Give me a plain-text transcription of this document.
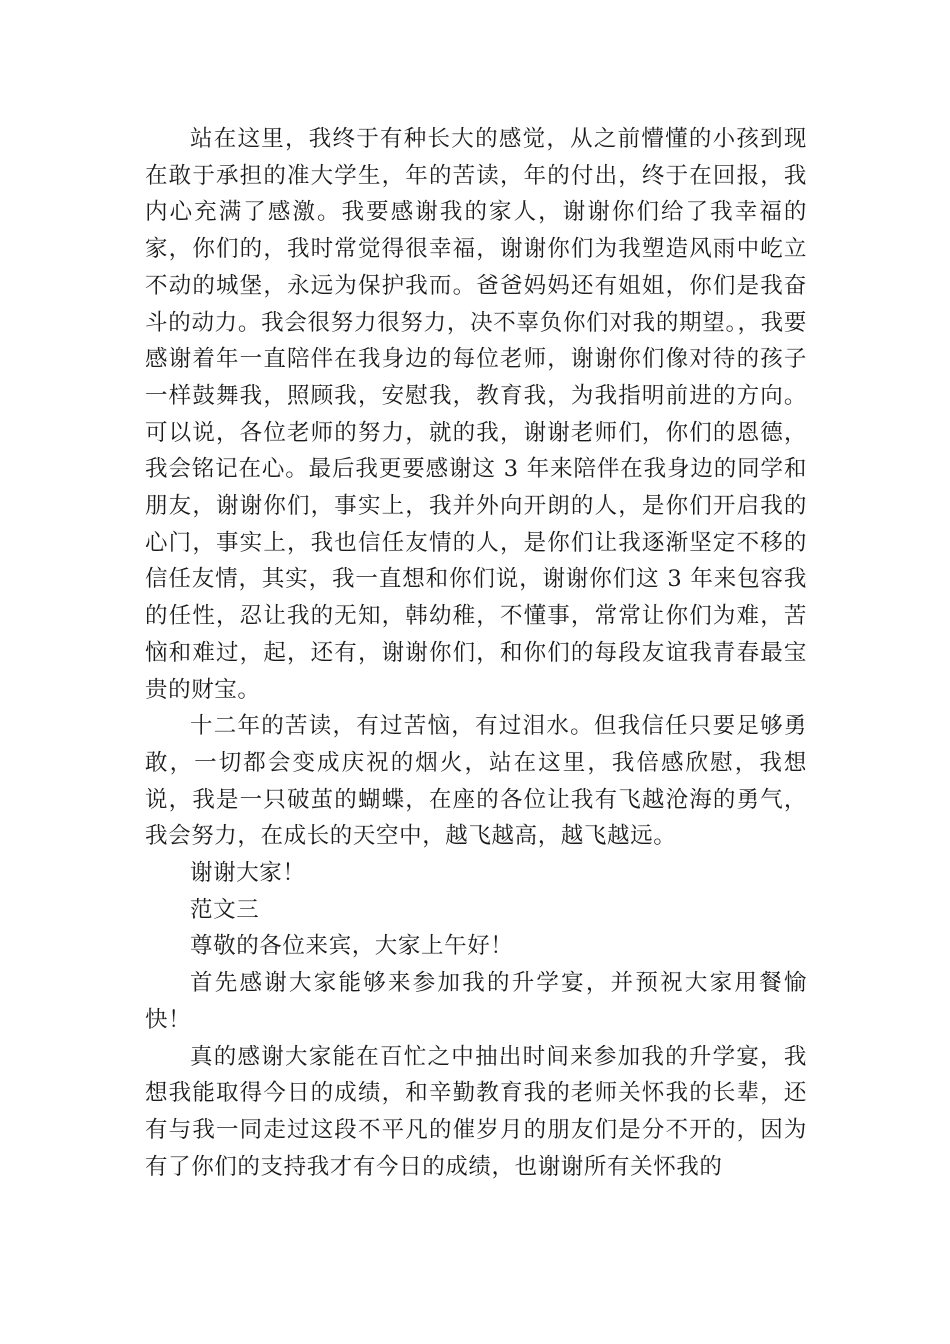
站在这里，我终于有种长大的感觉，从之前懵懂的小孩到现在敢于承担的准大学生，年的苦读，年的付出，终于在回报，我内心充满了感激。我要感谢我的家人，谢谢你们给了我幸福的家，你们的，我时常觉得很幸福，谢谢你们为我塑造风雨中屹立不动的城堡，永远为保护我而。爸爸妈妈还有姐姐，你们是我奋斗的动力。我会很努力很努力，决不辜负你们对我的期望。，我要感谢着年一直陪伴在我身边的每位老师，谢谢你们像对待的孩子一样鼓舞我，照顾我，安慰我，教育我，为我指明前进的方向。可以说，各位老师的努力，就的我，谢谢老师们，你们的恩德，我会铭记在心。最后我更要感谢这 3 年来陪伴在我身边的同学和朋友，谢谢你们，事实上，我并外向开朗的人，是你们开启我的心门，事实上，我也信任友情的人，是你们让我逐渐坚定不移的信任友情，其实，我一直想和你们说，谢谢你们这 3 年来包容我的任性，忍让我的无知，韩幼稚，不懂事，常常让你们为难，苦恼和难过，起，还有，谢谢你们，和你们的每段友谊我青春最宝贵的财宝。

十二年的苦读，有过苦恼，有过泪水。但我信任只要足够勇敢，一切都会变成庆祝的烟火，站在这里，我倍感欣慰，我想说，我是一只破茧的蝴蝶，在座的各位让我有飞越沧海的勇气，我会努力，在成长的天空中，越飞越高，越飞越远。

谢谢大家！

范文三

尊敬的各位来宾，大家上午好！

首先感谢大家能够来参加我的升学宴，并预祝大家用餐愉快！

真的感谢大家能在百忙之中抽出时间来参加我的升学宴，我想我能取得今日的成绩，和辛勤教育我的老师关怀我的长辈，还有与我一同走过这段不平凡的催岁月的朋友们是分不开的，因为有了你们的支持我才有今日的成绩，也谢谢所有关怀我的
